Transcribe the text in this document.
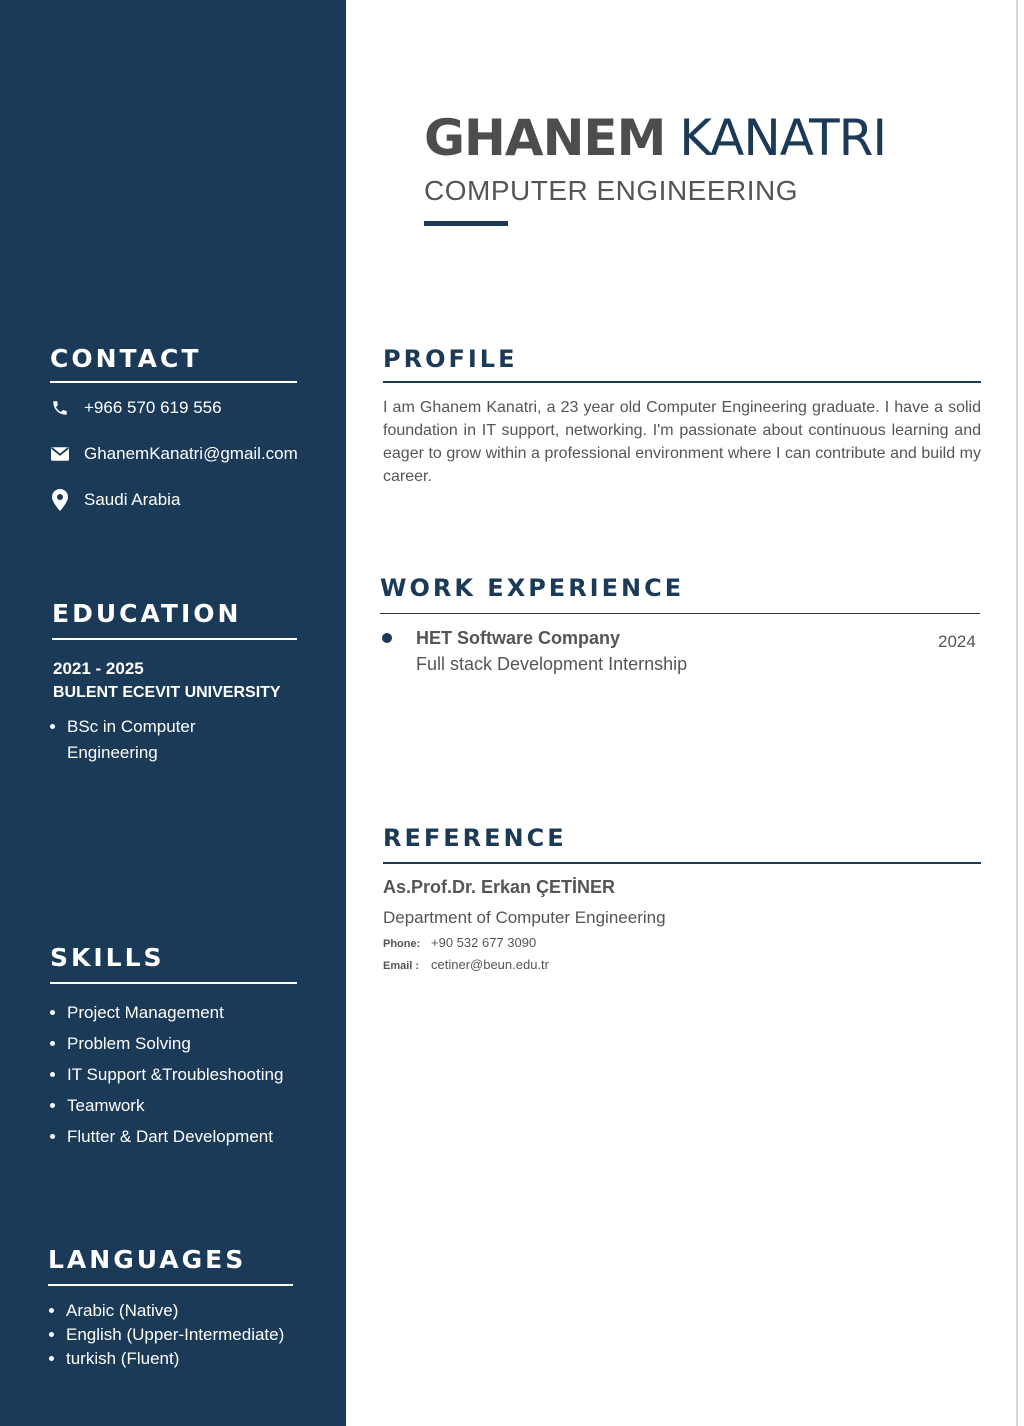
CONTACT
+966 570 619 556
GhanemKanatri@gmail.com
Saudi Arabia
EDUCATION
2021 - 2025
BULENT ECEVIT UNIVERSITY
• BSc in Computer
Engineering
SKILLS
• Project Management
• Problem Solving
• IT Support &Troubleshooting
• Teamwork
• Flutter & Dart Development
LANGUAGES
• Arabic (Native)
• English (Upper-Intermediate)
• turkish (Fluent)
GHANEM KANATRI
COMPUTER ENGINEERING
PROFILE

I am Ghanem Kanatri, a 23 year old Computer Engineering graduate. I have a solid foundation in IT support, networking. I'm passionate about continuous learning and eager to grow within a professional environment where I can contribute and build my career.

WORK EXPERIENCE
HET Software Company
Full stack Development Internship
2024
REFERENCE
As.Prof.Dr. Erkan ÇETİNER
Department of Computer Engineering
Phone: +90 532 677 3090
Email : cetiner@beun.edu.tr
